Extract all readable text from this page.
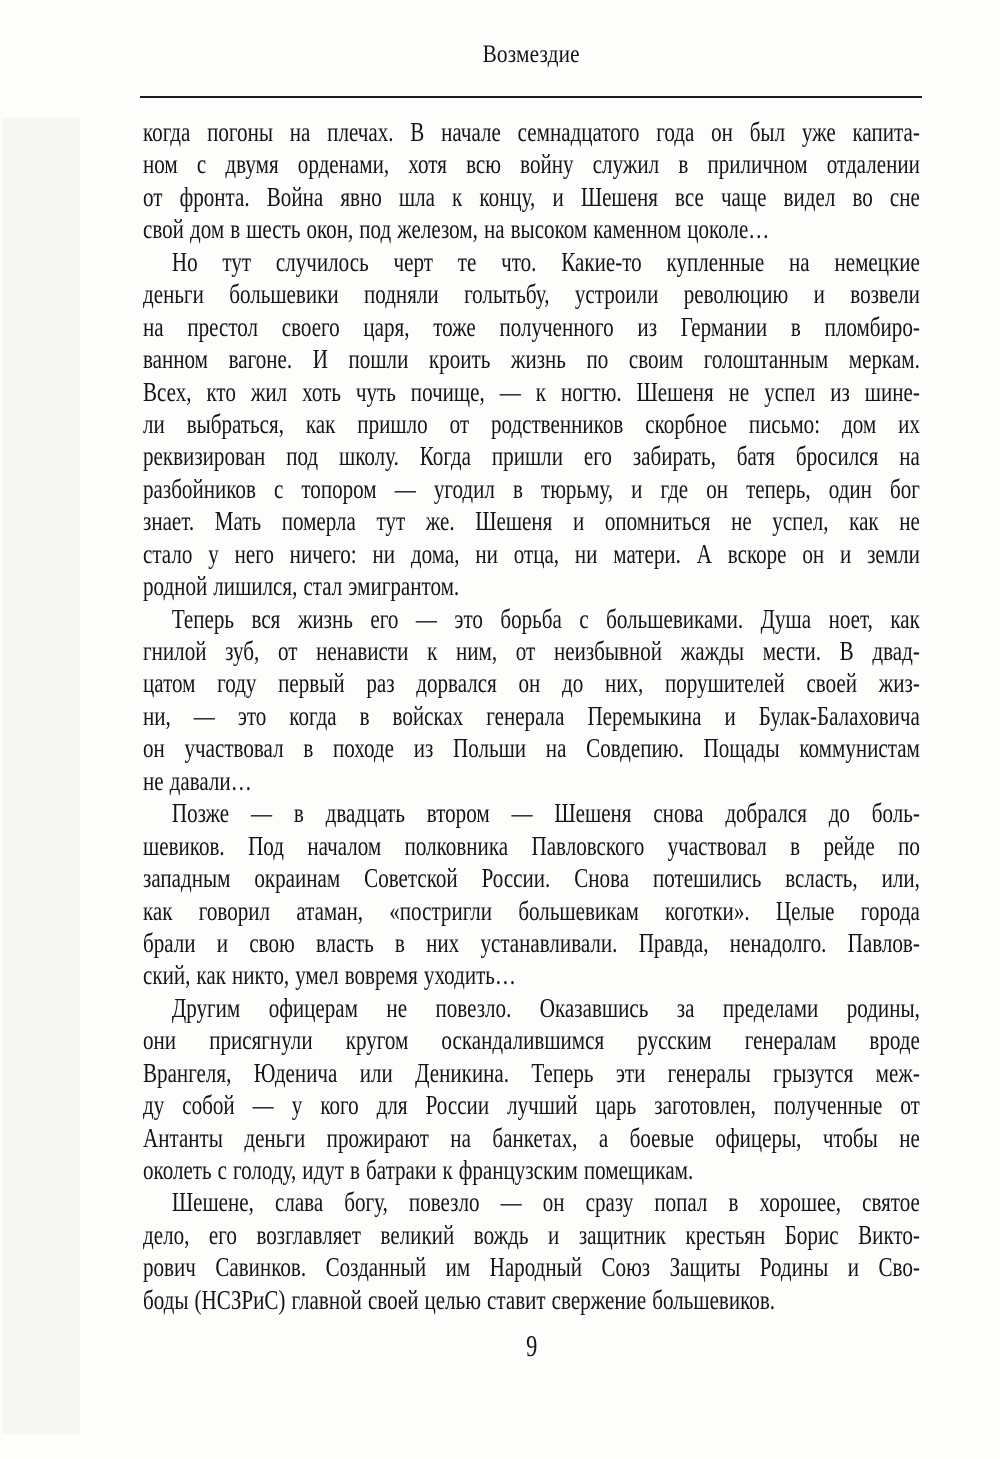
Возмездие
когда погоны на плечах. В начале семнадцатого года он был уже капита-
ном с двумя орденами, хотя всю войну служил в приличном отдалении
от фронта. Война явно шла к концу, и Шешеня все чаще видел во сне
свой дом в шесть окон, под железом, на высоком каменном цоколе…
Но тут случилось черт те что. Какие-то купленные на немецкие
деньги большевики подняли голытьбу, устроили революцию и возвели
на престол своего царя, тоже полученного из Германии в пломбиро-
ванном вагоне. И пошли кроить жизнь по своим голоштанным меркам.
Всех, кто жил хоть чуть почище, — к ногтю. Шешеня не успел из шине-
ли выбраться, как пришло от родственников скорбное письмо: дом их
реквизирован под школу. Когда пришли его забирать, батя бросился на
разбойников с топором — угодил в тюрьму, и где он теперь, один бог
знает. Мать померла тут же. Шешеня и опомниться не успел, как не
стало у него ничего: ни дома, ни отца, ни матери. А вскоре он и земли
родной лишился, стал эмигрантом.
Теперь вся жизнь его — это борьба с большевиками. Душа ноет, как
гнилой зуб, от ненависти к ним, от неизбывной жажды мести. В двад-
цатом году первый раз дорвался он до них, порушителей своей жиз-
ни, — это когда в войсках генерала Перемыкина и Булак-Балаховича
он участвовал в походе из Польши на Совдепию. Пощады коммунистам
не давали…
Позже — в двадцать втором — Шешеня снова добрался до боль-
шевиков. Под началом полковника Павловского участвовал в рейде по
западным окраинам Советской России. Снова потешились всласть, или,
как говорил атаман, «постригли большевикам коготки». Целые города
брали и свою власть в них устанавливали. Правда, ненадолго. Павлов-
ский, как никто, умел вовремя уходить…
Другим офицерам не повезло. Оказавшись за пределами родины,
они присягнули кругом оскандалившимся русским генералам вроде
Врангеля, Юденича или Деникина. Теперь эти генералы грызутся меж-
ду собой — у кого для России лучший царь заготовлен, полученные от
Антанты деньги прожирают на банкетах, а боевые офицеры, чтобы не
околеть с голоду, идут в батраки к французским помещикам.
Шешене, слава богу, повезло — он сразу попал в хорошее, святое
дело, его возглавляет великий вождь и защитник крестьян Борис Викто-
рович Савинков. Созданный им Народный Союз Защиты Родины и Сво-
боды (НСЗРиС) главной своей целью ставит свержение большевиков.
9
